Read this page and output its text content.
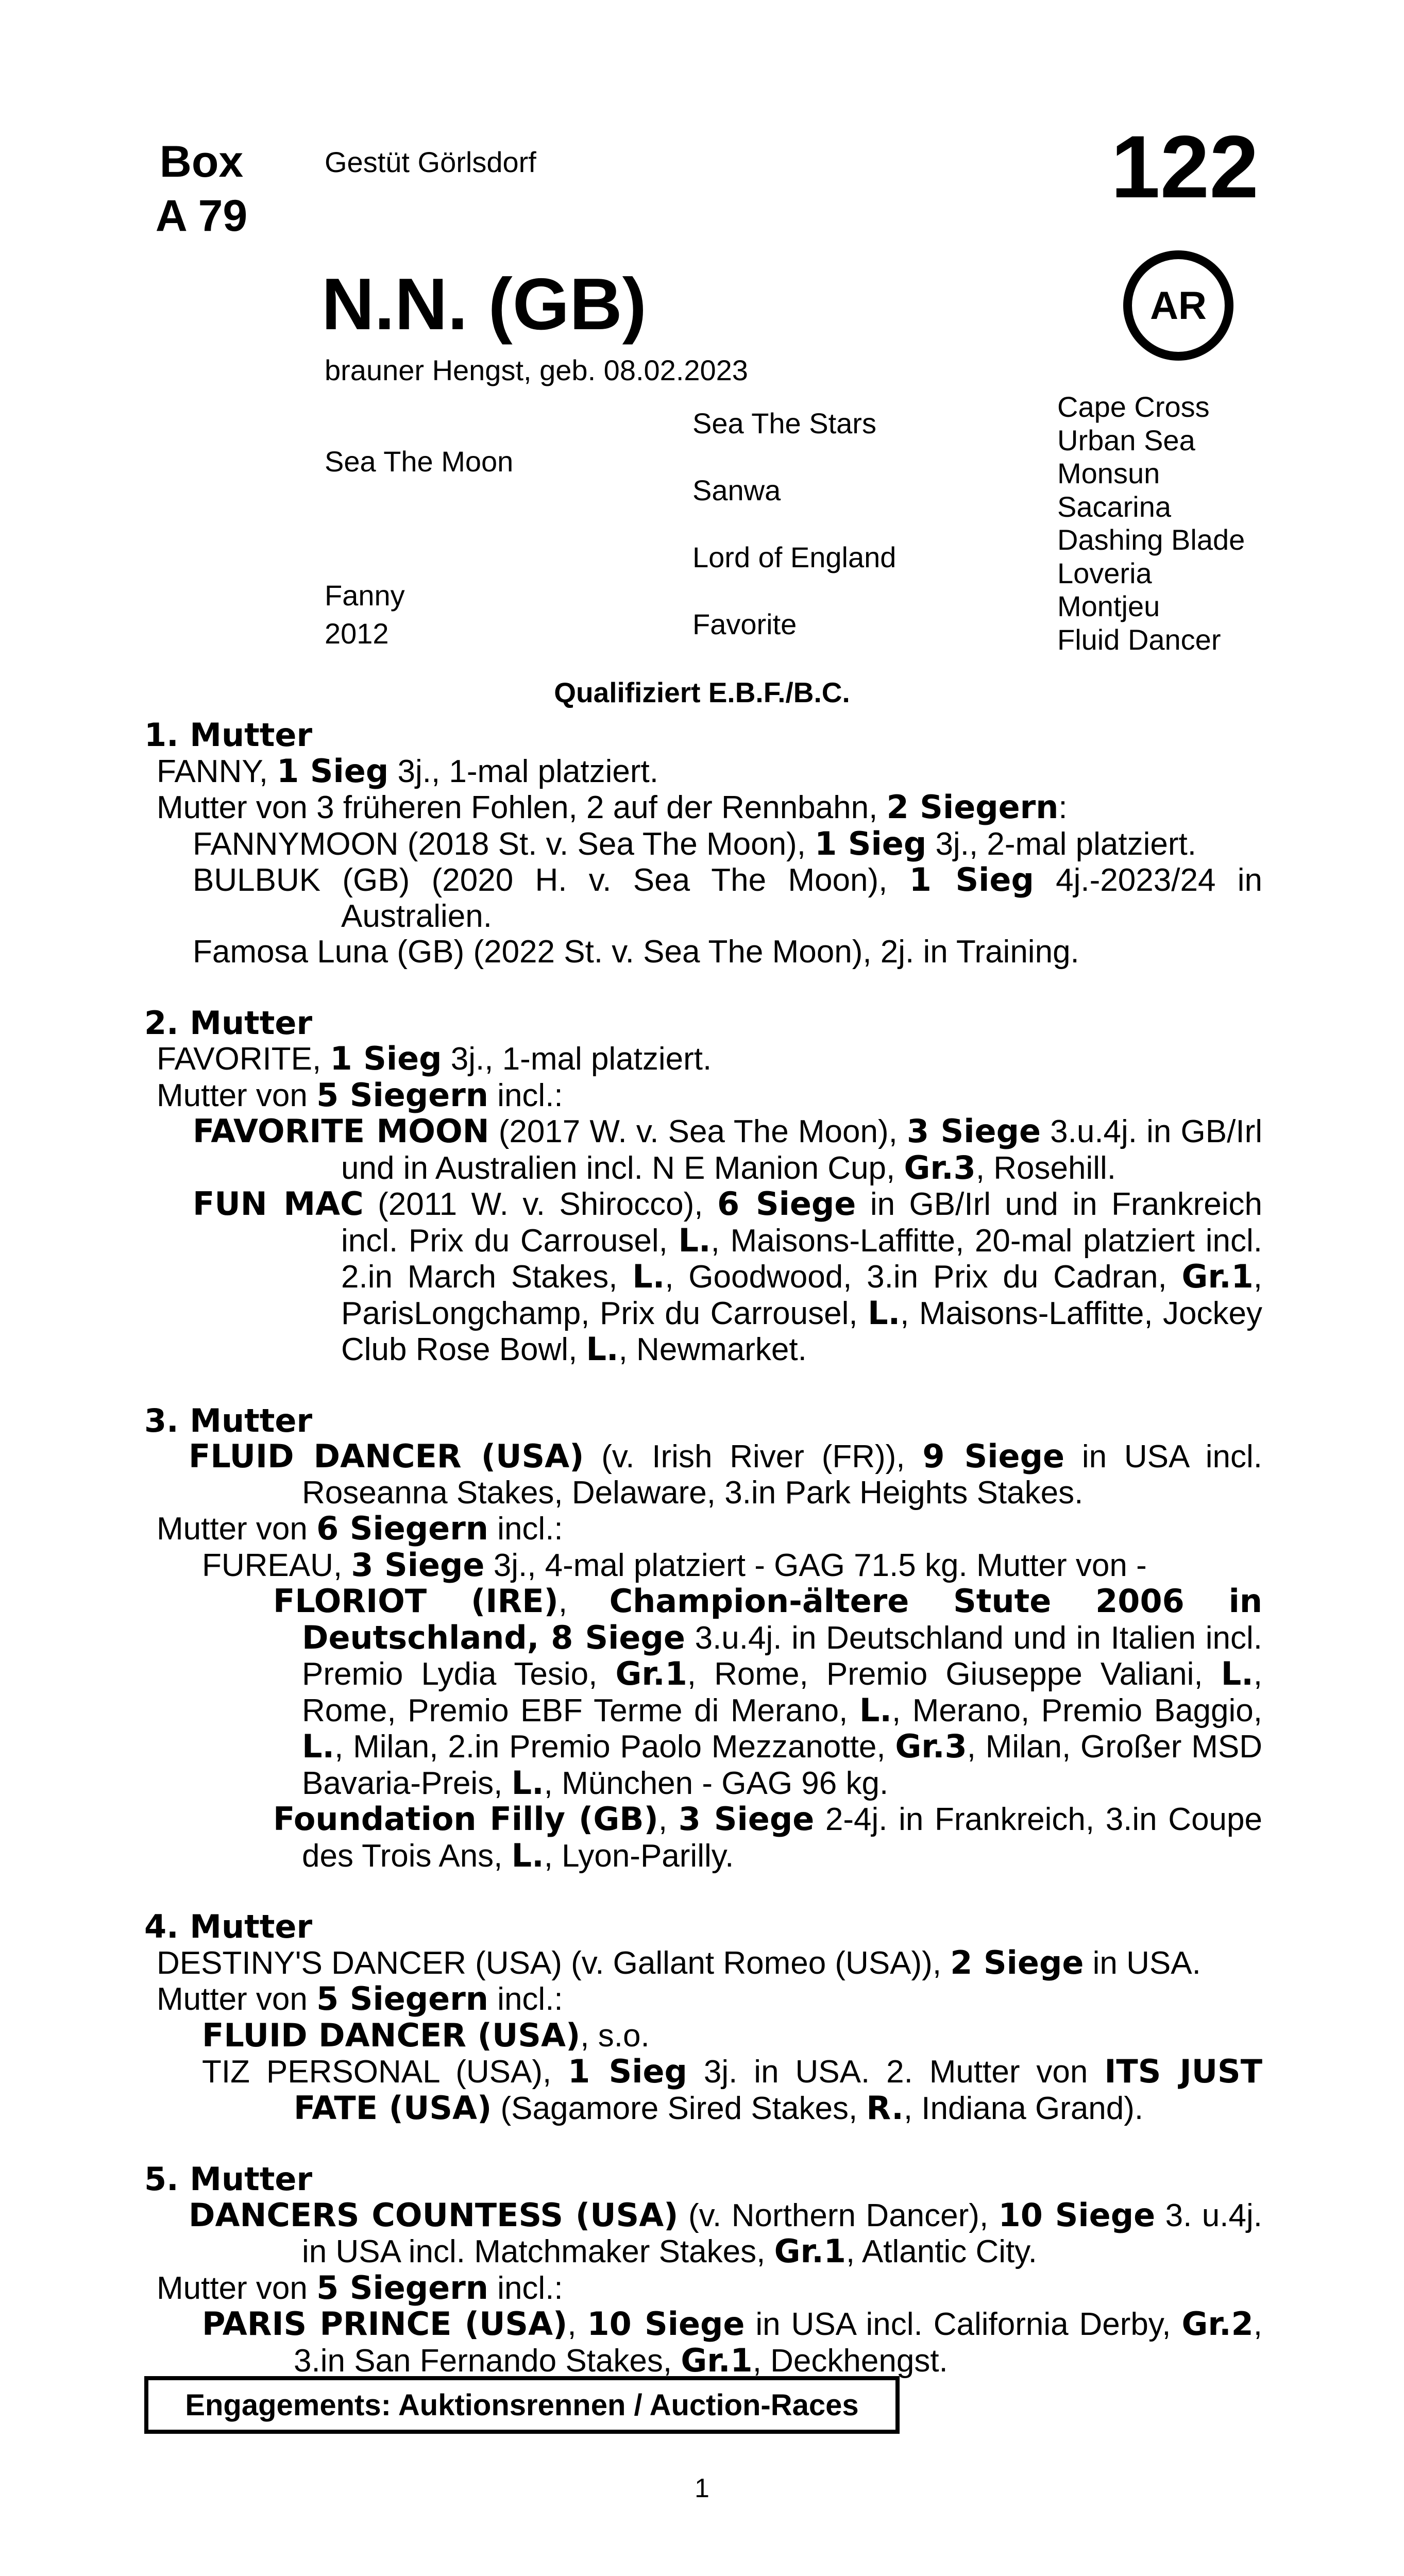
Box
A 79
Gestüt Görlsdorf	122
AR
N.N. (GB)
brauner Hengst, geb. 08.02.2023
Sea The Moon
Fanny
2012
Sea The Stars
Sanwa
Lord of England
Favorite
Cape Cross
Urban Sea
Monsun
Sacarina
Dashing Blade
Loveria
Montjeu
Fluid Dancer
Qualifiziert E.B.F./B.C.
1. Mutter
FANNY, 1 Sieg 3j., 1-mal platziert.
Mutter von 3 früheren Fohlen, 2 auf der Rennbahn, 2 Siegern:
FANNYMOON (2018 St. v. Sea The Moon), 1 Sieg 3j., 2-mal platziert.
BULBUK (GB) (2020 H. v. Sea The Moon), 1 Sieg 4j.-2023/24 in Australien.
Famosa Luna (GB) (2022 St. v. Sea The Moon), 2j. in Training.
2. Mutter
FAVORITE, 1 Sieg 3j., 1-mal platziert.
Mutter von 5 Siegern incl.:
FAVORITE MOON (2017 W. v. Sea The Moon), 3 Siege 3.u.4j. in GB/Irl und in Australien incl. N E Manion Cup, Gr.3, Rosehill.
FUN MAC (2011 W. v. Shirocco), 6 Siege in GB/Irl und in Frankreich incl. Prix du Carrousel, L., Maisons-Laffitte, 20-mal platziert incl. 2.in March Stakes, L., Goodwood, 3.in Prix du Cadran, Gr.1, ParisLongchamp, Prix du Carrousel, L., Maisons-Laffitte, Jockey Club Rose Bowl, L., Newmarket.
3. Mutter
FLUID DANCER (USA) (v. Irish River (FR)), 9 Siege in USA incl. Roseanna Stakes, Delaware, 3.in Park Heights Stakes.
Mutter von 6 Siegern incl.:
FUREAU, 3 Siege 3j., 4-mal platziert - GAG 71.5 kg. Mutter von -
FLORIOT (IRE), Champion-ältere Stute 2006 in Deutschland, 8 Siege 3.u.4j. in Deutschland und in Italien incl. Premio Lydia Tesio, Gr.1, Rome, Premio Giuseppe Valiani, L., Rome, Premio EBF Terme di Merano, L., Merano, Premio Baggio, L., Milan, 2.in Premio Paolo Mezzanotte, Gr.3, Milan, Großer MSD Bavaria-Preis, L., München - GAG 96 kg.
Foundation Filly (GB), 3 Siege 2-4j. in Frankreich, 3.in Coupe des Trois Ans, L., Lyon-Parilly.
4. Mutter
DESTINY'S DANCER (USA) (v. Gallant Romeo (USA)), 2 Siege in USA.
Mutter von 5 Siegern incl.:
FLUID DANCER (USA), s.o.
TIZ PERSONAL (USA), 1 Sieg 3j. in USA. 2. Mutter von ITS JUST FATE (USA) (Sagamore Sired Stakes, R., Indiana Grand).
5. Mutter
DANCERS COUNTESS (USA) (v. Northern Dancer), 10 Siege 3. u.4j. in USA incl. Matchmaker Stakes, Gr.1, Atlantic City.
Mutter von 5 Siegern incl.:
PARIS PRINCE (USA), 10 Siege in USA incl. California Derby, Gr.2, 3.in San Fernando Stakes, Gr.1, Deckhengst.
Engagements: Auktionsrennen / Auction-Races
1
